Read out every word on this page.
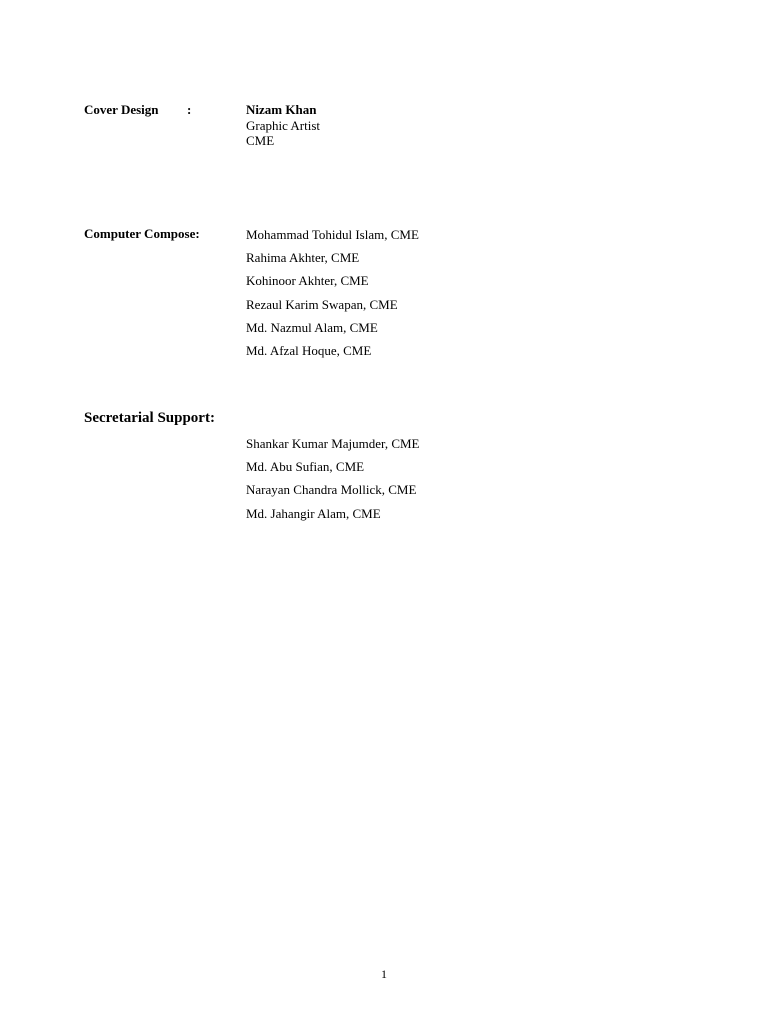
Cover Design :	Nizam Khan
Graphic Artist
CME
Computer Compose:	Mohammad Tohidul Islam, CME
Rahima Akhter, CME
Kohinoor Akhter, CME
Rezaul Karim Swapan, CME
Md. Nazmul Alam, CME
Md. Afzal Hoque, CME
Secretarial Support:
Shankar Kumar Majumder, CME
Md. Abu Sufian, CME
Narayan Chandra Mollick, CME
Md. Jahangir Alam, CME
1
